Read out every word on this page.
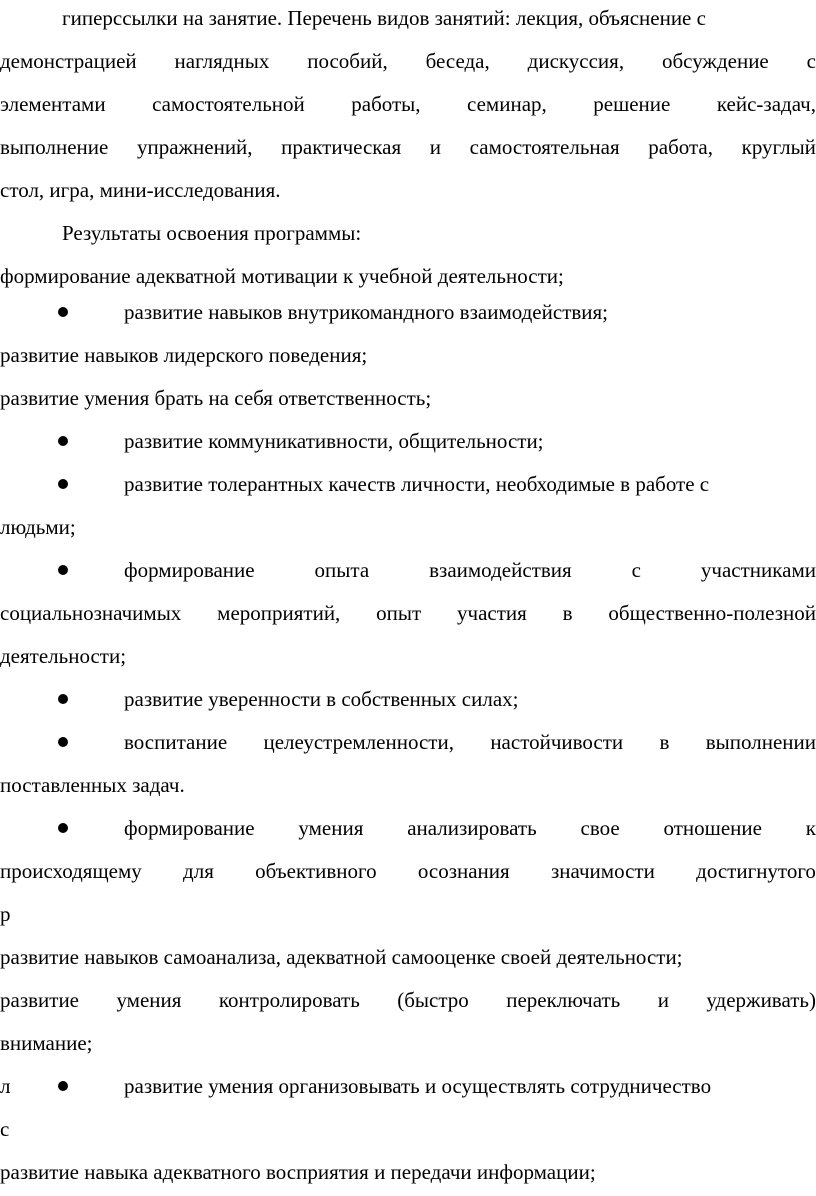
гиперссылки на занятие. Перечень видов занятий: лекция, объяснение с

демонстрацией наглядных пособий, беседа, дискуссия, обсуждение с

элементами самостоятельной работы, семинар, решение кейс-задач,

выполнение упражнений, практическая и самостоятельная работа, круглый

стол, игра, мини-исследования.

Результаты освоения программы:

формирование адекватной мотивации к учебной деятельности;

развитие навыков внутрикомандного взаимодействия;

развитие навыков лидерского поведения;

развитие умения брать на себя ответственность;

развитие коммуникативности, общительности;

развитие толерантных качеств личности, необходимые в работе с

людьми;

формирование	опыта	взаимодействия	с	участниками

социальнозначимых мероприятий, опыт участия в общественно-полезной

деятельности;

развитие уверенности в собственных силах;

воспитание целеустремленности, настойчивости в выполнении

поставленных задач.

формирование умения анализировать свое отношение к

происходящему для объективного осознания значимости достигнутого

р

развитие навыков самоанализа, адекватной самооценке своей деятельности;

развитие умения контролировать (быстро переключать и удерживать)

внимание;

л	развитие умения организовывать и осуществлять сотрудничество

с

развитие навыка адекватного восприятия и передачи информации;
